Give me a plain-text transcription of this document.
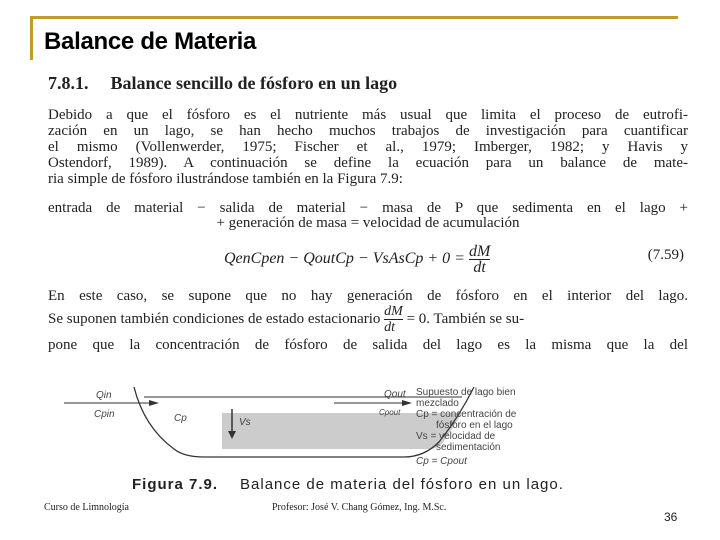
Balance de Materia
7.8.1. Balance sencillo de fósforo en un lago
Debido a que el fósforo es el nutriente más usual que limita el proceso de eutrofi-
zación en un lago, se han hecho muchos trabajos de investigación para cuantificar
el mismo (Vollenwerder, 1975; Fischer et al., 1979; Imberger, 1982; y Havis y
Ostendorf, 1989). A continuación se define la ecuación para un balance de mate-
ria simple de fósforo ilustrándose también en la Figura 7.9:
entrada de material − salida de material − masa de P que sedimenta en el lago +
+ generación de masa = velocidad de acumulación
QenCpen − QoutCp − VsAsCp + $0 = \frac{dM}{dt}$	(7.59)
En este caso, se supone que no hay generación de fósforo en el interior del lago.
Se suponen también condiciones de estado estacionario $\frac{dM}{dt} = 0$. También se su-
pone que la concentración de fósforo de salida del lago es la misma que la del
Qin
Cpin	Cp	Vs
Qout
Cpout
Supuesto de lago bien
mezclado
Cp = concentración de
fósforo en el lago
Vs = velocidad de
sedimentación
Cp = Cpout
Figura 7.9. Balance de materia del fósforo en un lago.
Curso de Limnología	Profesor: José V. Chang Gómez, Ing. M.Sc.
36
